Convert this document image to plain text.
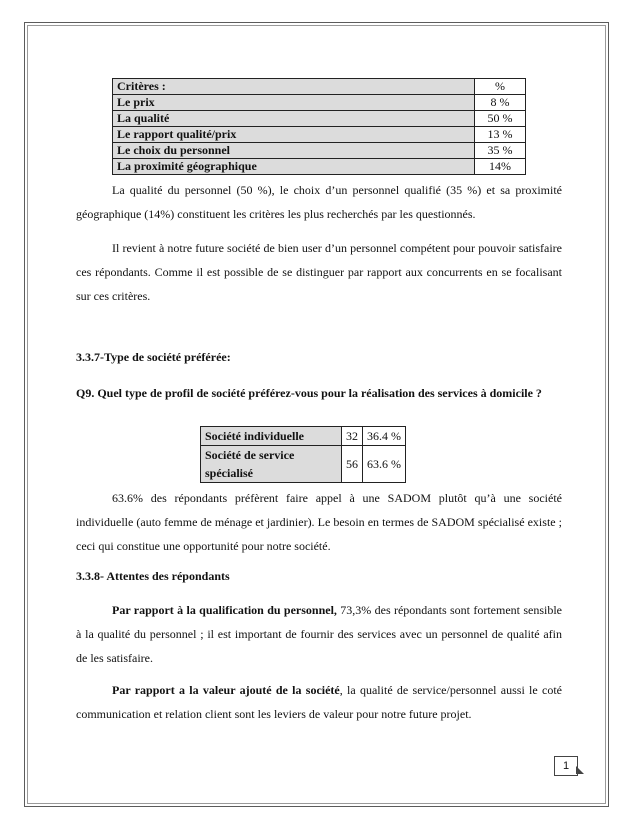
Critères :	%
Le prix	8 %
La qualité	50 %
Le rapport qualité/prix	13 %
Le choix du personnel	35 %
La proximité géographique	14%

La qualité du personnel (50 %), le choix d’un personnel qualifié (35 %) et sa proximité géographique (14%) constituent les critères les plus recherchés par les questionnés.

Il revient à notre future société de bien user d’un personnel compétent pour pouvoir satisfaire ces répondants. Comme il est possible de se distinguer par rapport aux concurrents en se focalisant sur ces critères.

3.3.7-Type de société préférée:

Q9. Quel type de profil de société préférez-vous pour la réalisation des services à domicile ?

Société individuelle	32	36.4 %
Société de service spécialisé	56	63.6 %

63.6% des répondants préfèrent faire appel à une SADOM plutôt qu’à une société individuelle (auto femme de ménage et jardinier). Le besoin en termes de SADOM spécialisé existe ; ceci qui constitue une opportunité pour notre société.

3.3.8- Attentes des répondants

Par rapport à la qualification du personnel, 73,3% des répondants sont fortement sensible à la qualité du personnel ; il est important de fournir des services avec un personnel de qualité afin de les satisfaire.

Par rapport a la valeur ajouté de la société, la qualité de service/personnel aussi le coté communication et relation client sont les leviers de valeur pour notre future projet.

1
